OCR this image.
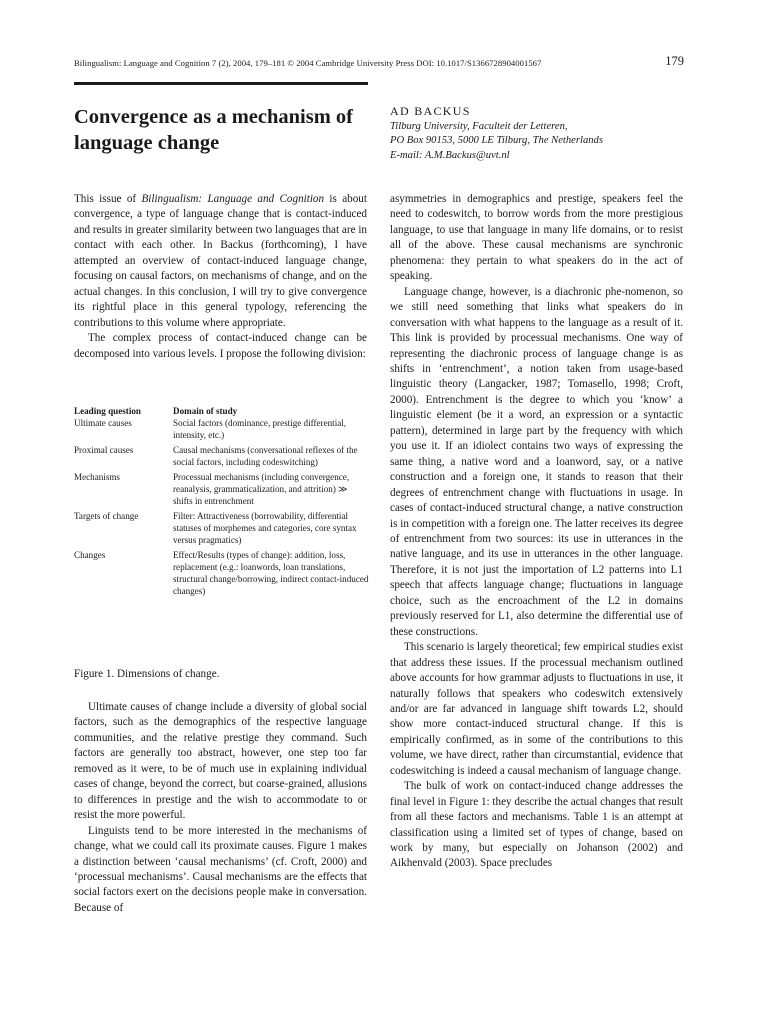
Bilingualism: Language and Cognition 7 (2), 2004, 179–181 © 2004 Cambridge University Press DOI: 10.1017/S1366728904001567	179
Convergence as a mechanism of language change
AD BACKUS
Tilburg University, Faculteit der Letteren,
PO Box 90153, 5000 LE Tilburg, The Netherlands
E-mail: A.M.Backus@uvt.nl

This issue of Bilingualism: Language and Cognition is about convergence, a type of language change that is contact-induced and results in greater similarity between two languages that are in contact with each other. In Backus (forthcoming), I have attempted an overview of contact-induced language change, focusing on causal factors, on mechanisms of change, and on the actual changes. In this conclusion, I will try to give convergence its rightful place in this general typology, referencing the contributions to this volume where appropriate.

The complex process of contact-induced change can be decomposed into various levels. I propose the following division:

Leading question	Domain of study
Ultimate causes	Social factors (dominance, prestige differential, intensity, etc.)
Proximal causes	Causal mechanisms (conversational reflexes of the social factors, including codeswitching)
Mechanisms	Processual mechanisms (including convergence, reanalysis, grammaticalization, and attrition) ≫ shifts in entrenchment
Targets of change	Filter: Attractiveness (borrowability, differential statuses of morphemes and categories, core syntax versus pragmatics)
Changes	Effect/Results (types of change): addition, loss, replacement (e.g.: loanwords, loan translations, structural change/borrowing, indirect contact-induced changes)
Figure 1. Dimensions of change.

Ultimate causes of change include a diversity of global social factors, such as the demographics of the respective language communities, and the relative prestige they command. Such factors are generally too abstract, however, one step too far removed as it were, to be of much use in explaining individual cases of change, beyond the correct, but coarse-grained, allusions to differences in prestige and the wish to accommodate to or resist the more powerful.

Linguists tend to be more interested in the mechanisms of change, what we could call its proximate causes. Figure 1 makes a distinction between ‘causal mechanisms’ (cf. Croft, 2000) and ‘processual mechanisms’. Causal mechanisms are the effects that social factors exert on the decisions people make in conversation. Because of

asymmetries in demographics and prestige, speakers feel the need to codeswitch, to borrow words from the more prestigious language, to use that language in many life domains, or to resist all of the above. These causal mechanisms are synchronic phenomena: they pertain to what speakers do in the act of speaking.

Language change, however, is a diachronic phe-nomenon, so we still need something that links what speakers do in conversation with what happens to the language as a result of it. This link is provided by processual mechanisms. One way of representing the diachronic process of language change is as shifts in ‘entrenchment’, a notion taken from usage-based linguistic theory (Langacker, 1987; Tomasello, 1998; Croft, 2000). Entrenchment is the degree to which you ‘know’ a linguistic element (be it a word, an expression or a syntactic pattern), determined in large part by the frequency with which you use it. If an idiolect contains two ways of expressing the same thing, a native word and a loanword, say, or a native construction and a foreign one, it stands to reason that their degrees of entrenchment change with fluctuations in usage. In cases of contact-induced structural change, a native construction is in competition with a foreign one. The latter receives its degree of entrenchment from two sources: its use in utterances in the native language, and its use in utterances in the other language. Therefore, it is not just the importation of L2 patterns into L1 speech that affects language change; fluctuations in language choice, such as the encroachment of the L2 in domains previously reserved for L1, also determine the differential use of these constructions.

This scenario is largely theoretical; few empirical studies exist that address these issues. If the processual mechanism outlined above accounts for how grammar adjusts to fluctuations in use, it naturally follows that speakers who codeswitch extensively and/or are far advanced in language shift towards L2, should show more contact-induced structural change. If this is empirically confirmed, as in some of the contributions to this volume, we have direct, rather than circumstantial, evidence that codeswitching is indeed a causal mechanism of language change.

The bulk of work on contact-induced change addresses the final level in Figure 1: they describe the actual changes that result from all these factors and mechanisms. Table 1 is an attempt at classification using a limited set of types of change, based on work by many, but especially on Johanson (2002) and Aikhenvald (2003). Space precludes
